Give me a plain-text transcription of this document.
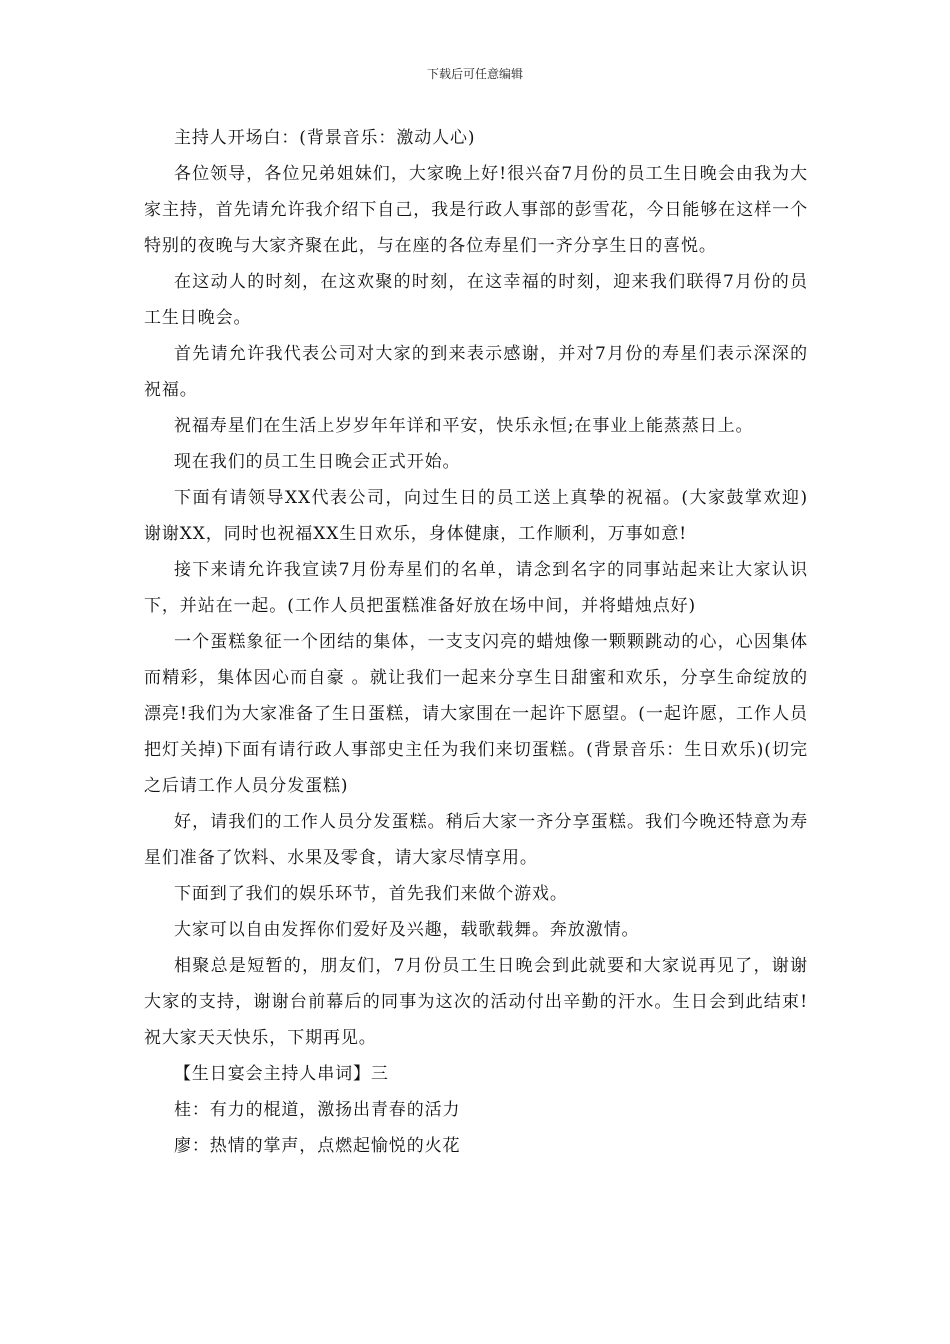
下载后可任意编辑

主持人开场白：(背景音乐：激动人心)

各位领导，各位兄弟姐妹们，大家晚上好!很兴奋7月份的员工生日晚会由我为大家主持，首先请允许我介绍下自己，我是行政人事部的彭雪花，今日能够在这样一个特别的夜晚与大家齐聚在此，与在座的各位寿星们一齐分享生日的喜悦。

在这动人的时刻，在这欢聚的时刻，在这幸福的时刻，迎来我们联得7月份的员工生日晚会。

首先请允许我代表公司对大家的到来表示感谢，并对7月份的寿星们表示深深的祝福。

祝福寿星们在生活上岁岁年年详和平安，快乐永恒;在事业上能蒸蒸日上。

现在我们的员工生日晚会正式开始。

下面有请领导XX代表公司，向过生日的员工送上真挚的祝福。(大家鼓掌欢迎) 谢谢XX，同时也祝福XX生日欢乐，身体健康，工作顺利，万事如意!

接下来请允许我宣读7月份寿星们的名单，请念到名字的同事站起来让大家认识下，并站在一起。(工作人员把蛋糕准备好放在场中间，并将蜡烛点好)

一个蛋糕象征一个团结的集体，一支支闪亮的蜡烛像一颗颗跳动的心，心因集体而精彩，集体因心而自豪 。就让我们一起来分享生日甜蜜和欢乐，分享生命绽放的漂亮!我们为大家准备了生日蛋糕，请大家围在一起许下愿望。(一起许愿，工作人员把灯关掉)下面有请行政人事部史主任为我们来切蛋糕。(背景音乐：生日欢乐)(切完之后请工作人员分发蛋糕)

好，请我们的工作人员分发蛋糕。稍后大家一齐分享蛋糕。我们今晚还特意为寿星们准备了饮料、水果及零食，请大家尽情享用。

下面到了我们的娱乐环节，首先我们来做个游戏。

大家可以自由发挥你们爱好及兴趣，载歌载舞。奔放激情。

相聚总是短暂的，朋友们，7月份员工生日晚会到此就要和大家说再见了，谢谢大家的支持，谢谢台前幕后的同事为这次的活动付出辛勤的汗水。生日会到此结束!祝大家天天快乐，下期再见。

【生日宴会主持人串词】三

桂：有力的棍道，激扬出青春的活力

廖：热情的掌声，点燃起愉悦的火花
